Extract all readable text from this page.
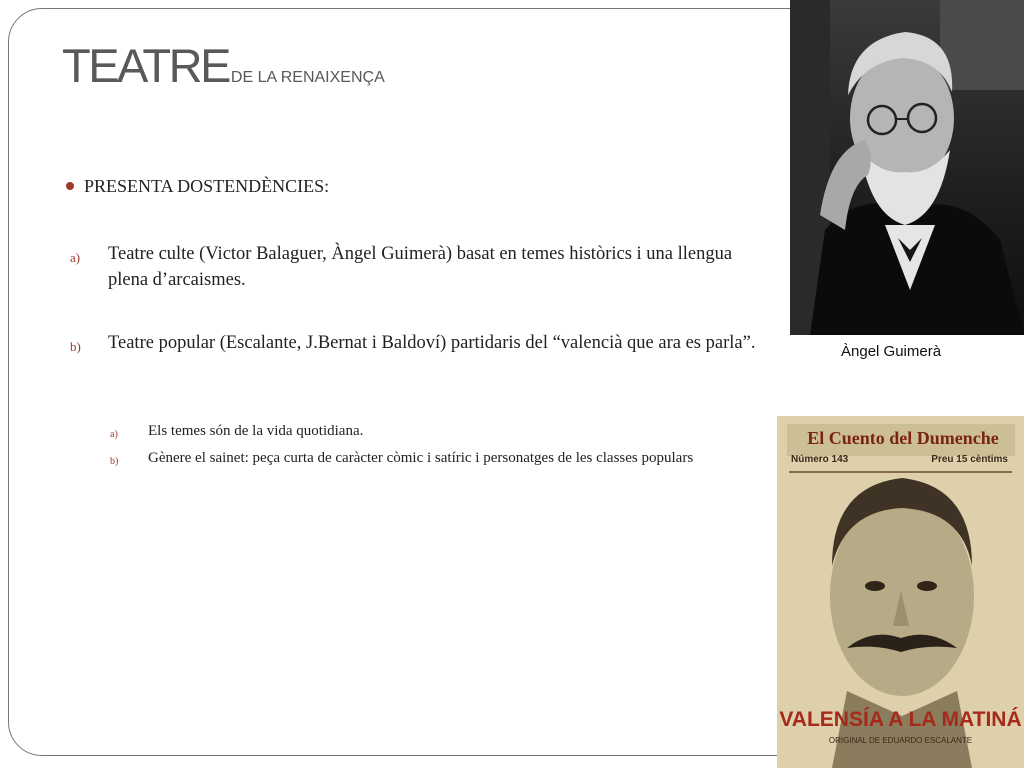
TEATRE DE LA RENAIXENÇA
PRESENTA DOSTENDÈNCIES:
a) Teatre culte (Victor Balaguer, Àngel Guimerà) basat en temes històrics i una llengua plena d’arcaismes.
b) Teatre popular (Escalante, J.Bernat i Baldoví) partidaris del “valencià que ara es parla”.
a) Els temes són de la vida quotidiana.
b) Gènere el sainet: peça curta de caràcter còmic i satíric i personatges de les classes populars
Àngel Guimerà
El Cuento del Dumenche
Número 143	Preu 15 cèntims
VALENSÍA A LA MATINÁ
ORIGINAL DE EDUARDO ESCALANTE
